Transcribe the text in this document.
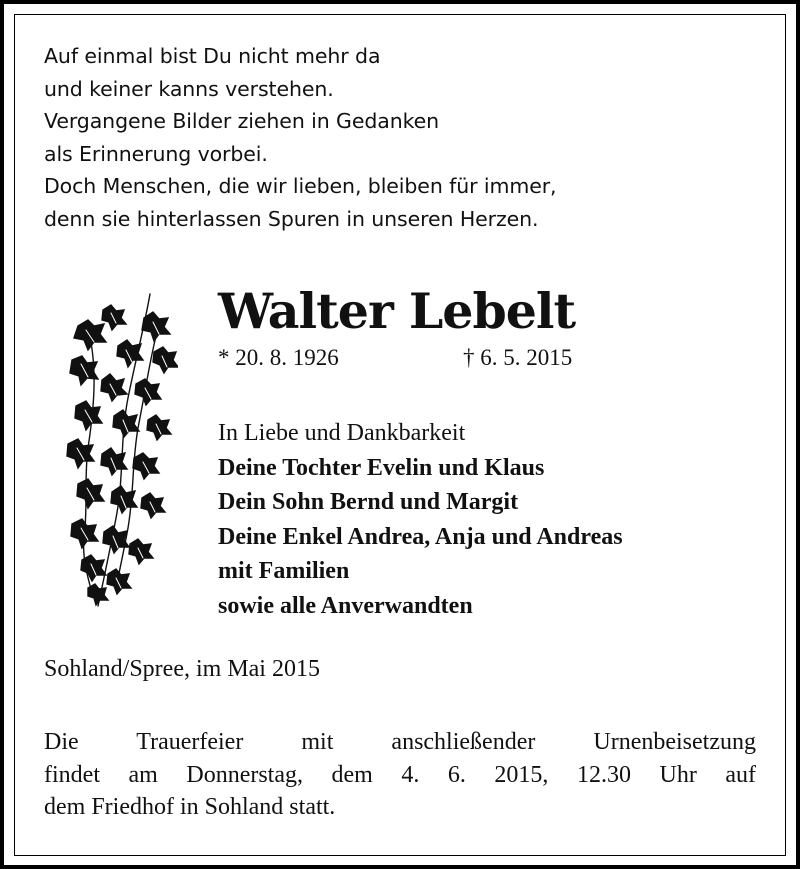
Auf einmal bist Du nicht mehr da
und keiner kanns verstehen.
Vergangene Bilder ziehen in Gedanken
als Erinnerung vorbei.
Doch Menschen, die wir lieben, bleiben für immer,
denn sie hinterlassen Spuren in unseren Herzen.
Walter Lebelt
* 20. 8. 1926	† 6. 5. 2015
In Liebe und Dankbarkeit
Deine Tochter Evelin und Klaus
Dein Sohn Bernd und Margit
Deine Enkel Andrea, Anja und Andreas
mit Familien
sowie alle Anverwandten
Sohland/Spree, im Mai 2015
Die Trauerfeier mit anschließender Urnenbeisetzung
findet am Donnerstag, dem 4. 6. 2015, 12.30 Uhr auf
dem Friedhof in Sohland statt.
